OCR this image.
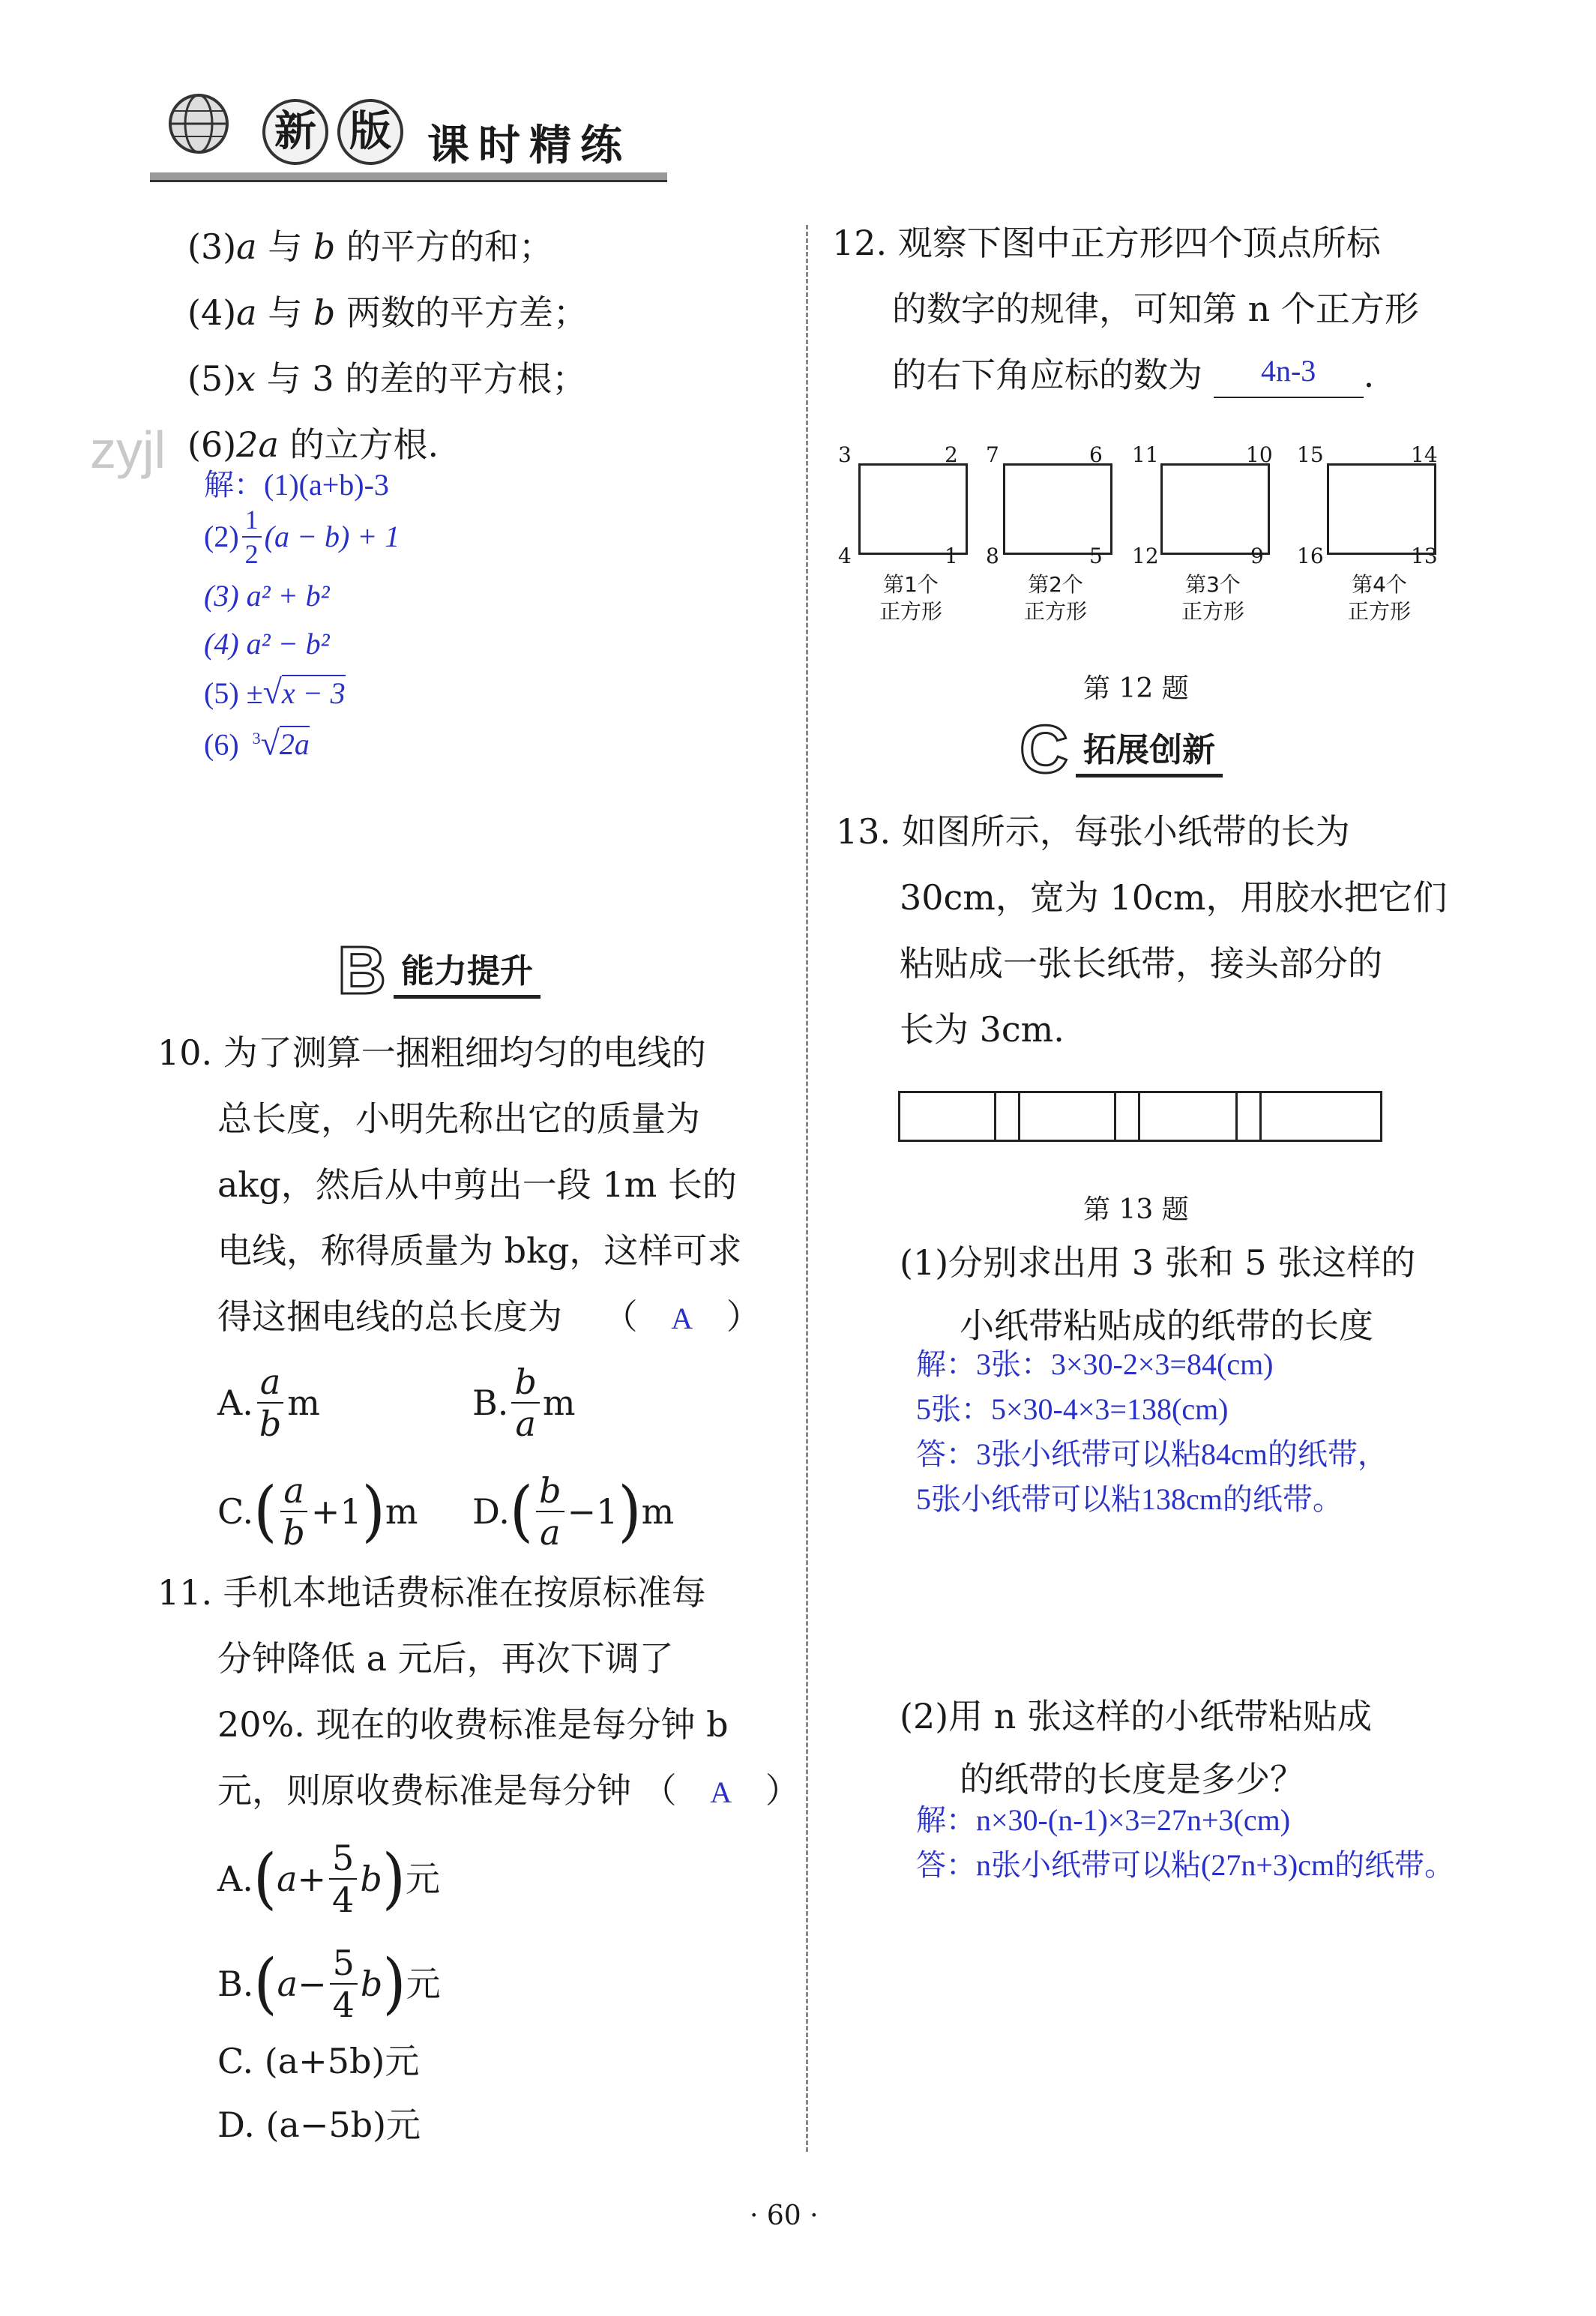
新 版 课时精练
zyjl
(3)a 与 b 的平方的和；
(4)a 与 b 两数的平方差；
(5)x 与 3 的差的平方根；
(6)2a 的立方根.
解：(1)(a+b)-3
$(2) \frac{1}{2} (a - b) + 1$
(3) a² + b²
(4) a² − b²
(5) ±√x − 3
(6) $^3$√2a
B 能力提升
10. 为了测算一捆粗细均匀的电线的
总长度，小明先称出它的质量为
akg，然后从中剪出一段 1m 长的
电线，称得质量为 bkg，这样可求
得这捆电线的总长度为 （ A ）
A. $\frac{a}{b}$ m	B. $\frac{b}{a}$ m
C. ( $\frac{a}{b} +1$ ) m D. ( $\frac{b}{a} -1$ ) m
11. 手机本地话费标准在按原标准每
分钟降低 a 元后，再次下调了
20%. 现在的收费标准是每分钟 b
元，则原收费标准是每分钟 （ A ）
A. ( $a+ \frac{5}{4}$ b ) 元
B. ( $a- \frac{5}{4}$ b ) 元
C. (a+5b)元
D. (a−5b)元
12. 观察下图中正方形四个顶点所标
的数字的规律，可知第 n 个正方形
的右下角应标的数为 4n-3 .
3	2
4	1
第1个
正方形
7	6
8	5
第2个
正方形
11	10
12	9
第3个
正方形
15	14
16	13
第4个
正方形
第 12 题
C 拓展创新
13. 如图所示，每张小纸带的长为
30cm，宽为 10cm，用胶水把它们
粘贴成一张长纸带，接头部分的
长为 3cm.
第 13 题
(1)分别求出用 3 张和 5 张这样的
小纸带粘贴成的纸带的长度
解：3张：3×30-2×3=84(cm)
5张：5×30-4×3=138(cm)
答：3张小纸带可以粘84cm的纸带，
5张小纸带可以粘138cm的纸带。
(2)用 n 张这样的小纸带粘贴成
的纸带的长度是多少？
解：n×30-(n-1)×3=27n+3(cm)
答：n张小纸带可以粘(27n+3)cm的纸带。
· 60 ·
